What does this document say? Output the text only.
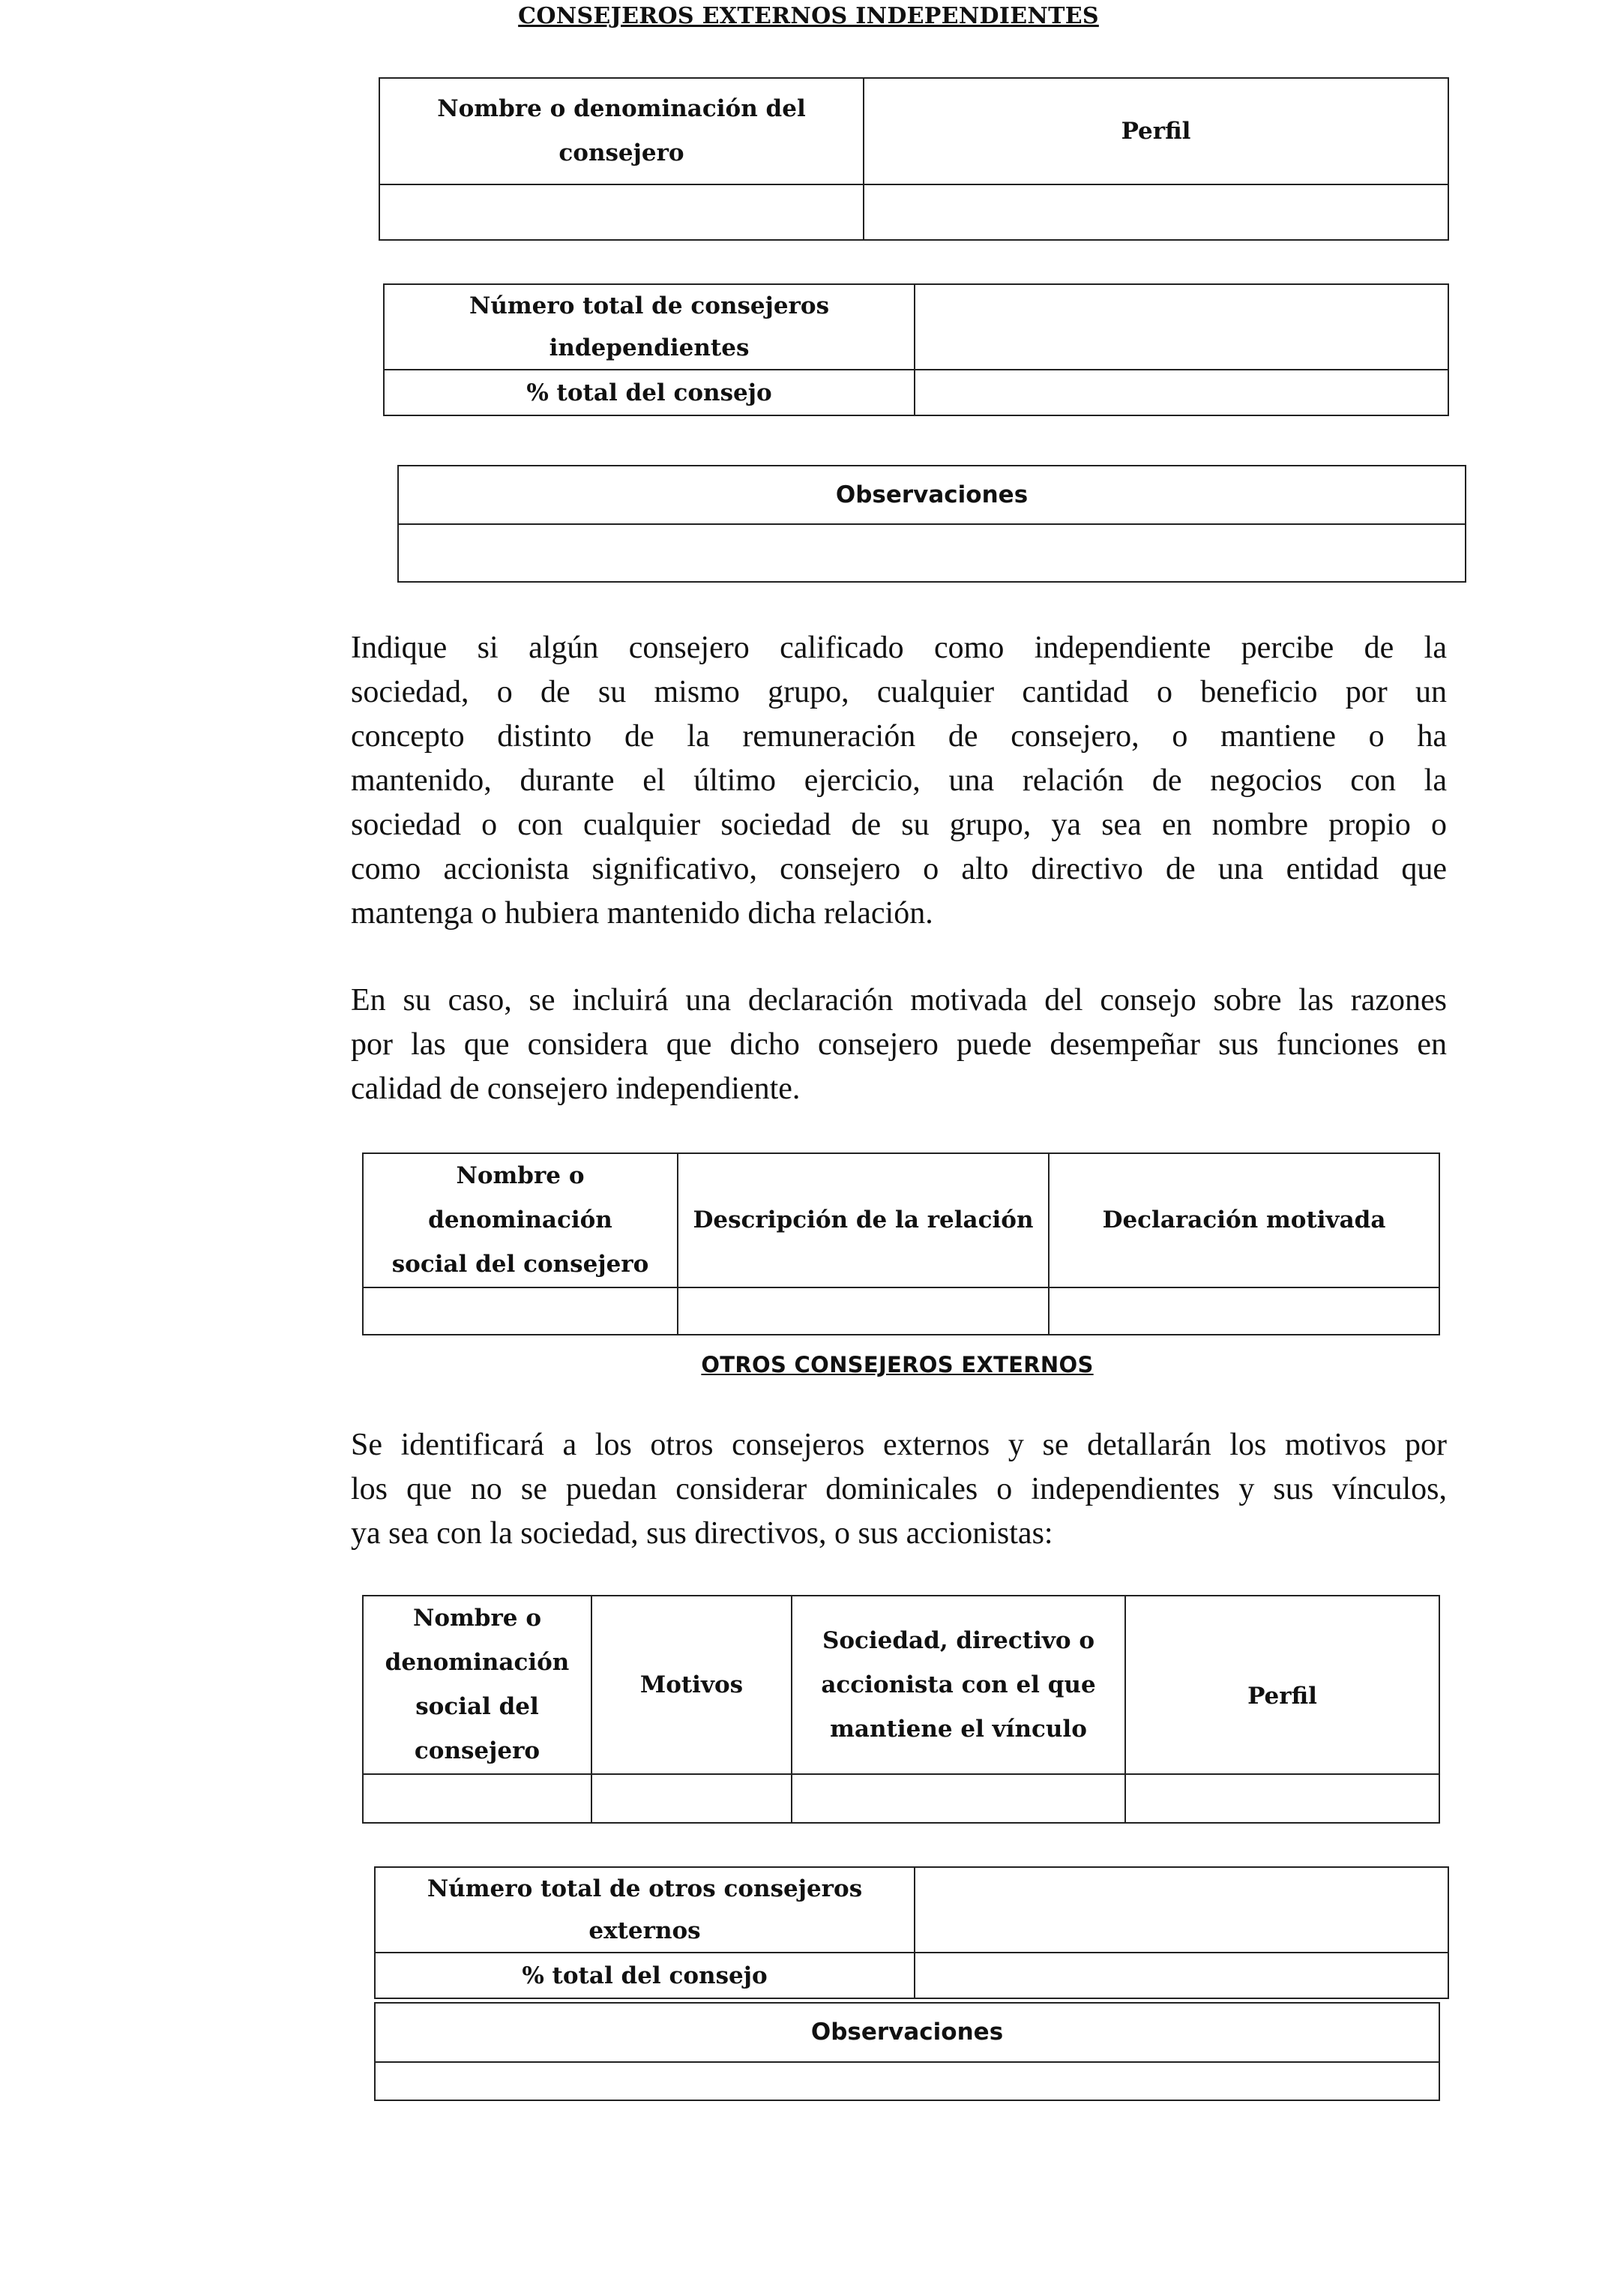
CONSEJEROS EXTERNOS INDEPENDIENTES
Nombre o denominación del consejero	Perfil

Número total de consejeros independientes	
% total del consejo	
Observaciones

Indique si algún consejero calificado como independiente percibe de la
sociedad, o de su mismo grupo, cualquier cantidad o beneficio por un
concepto distinto de la remuneración de consejero, o mantiene o ha
mantenido, durante el último ejercicio, una relación de negocios con la
sociedad o con cualquier sociedad de su grupo, ya sea en nombre propio o
como accionista significativo, consejero o alto directivo de una entidad que
mantenga o hubiera mantenido dicha relación.
En su caso, se incluirá una declaración motivada del consejo sobre las razones
por las que considera que dicho consejero puede desempeñar sus funciones en
calidad de consejero independiente.
Nombre o denominación
social del consejero	Descripción de la relación	Declaración motivada

OTROS CONSEJEROS EXTERNOS
Se identificará a los otros consejeros externos y se detallarán los motivos por
los que no se puedan considerar dominicales o independientes y sus vínculos,
ya sea con la sociedad, sus directivos, o sus accionistas:
Nombre o
denominación
social del
consejero	Motivos	Sociedad, directivo o
accionista con el que
mantiene el vínculo	Perfil

Número total de otros consejeros externos	
% total del consejo	
Observaciones
